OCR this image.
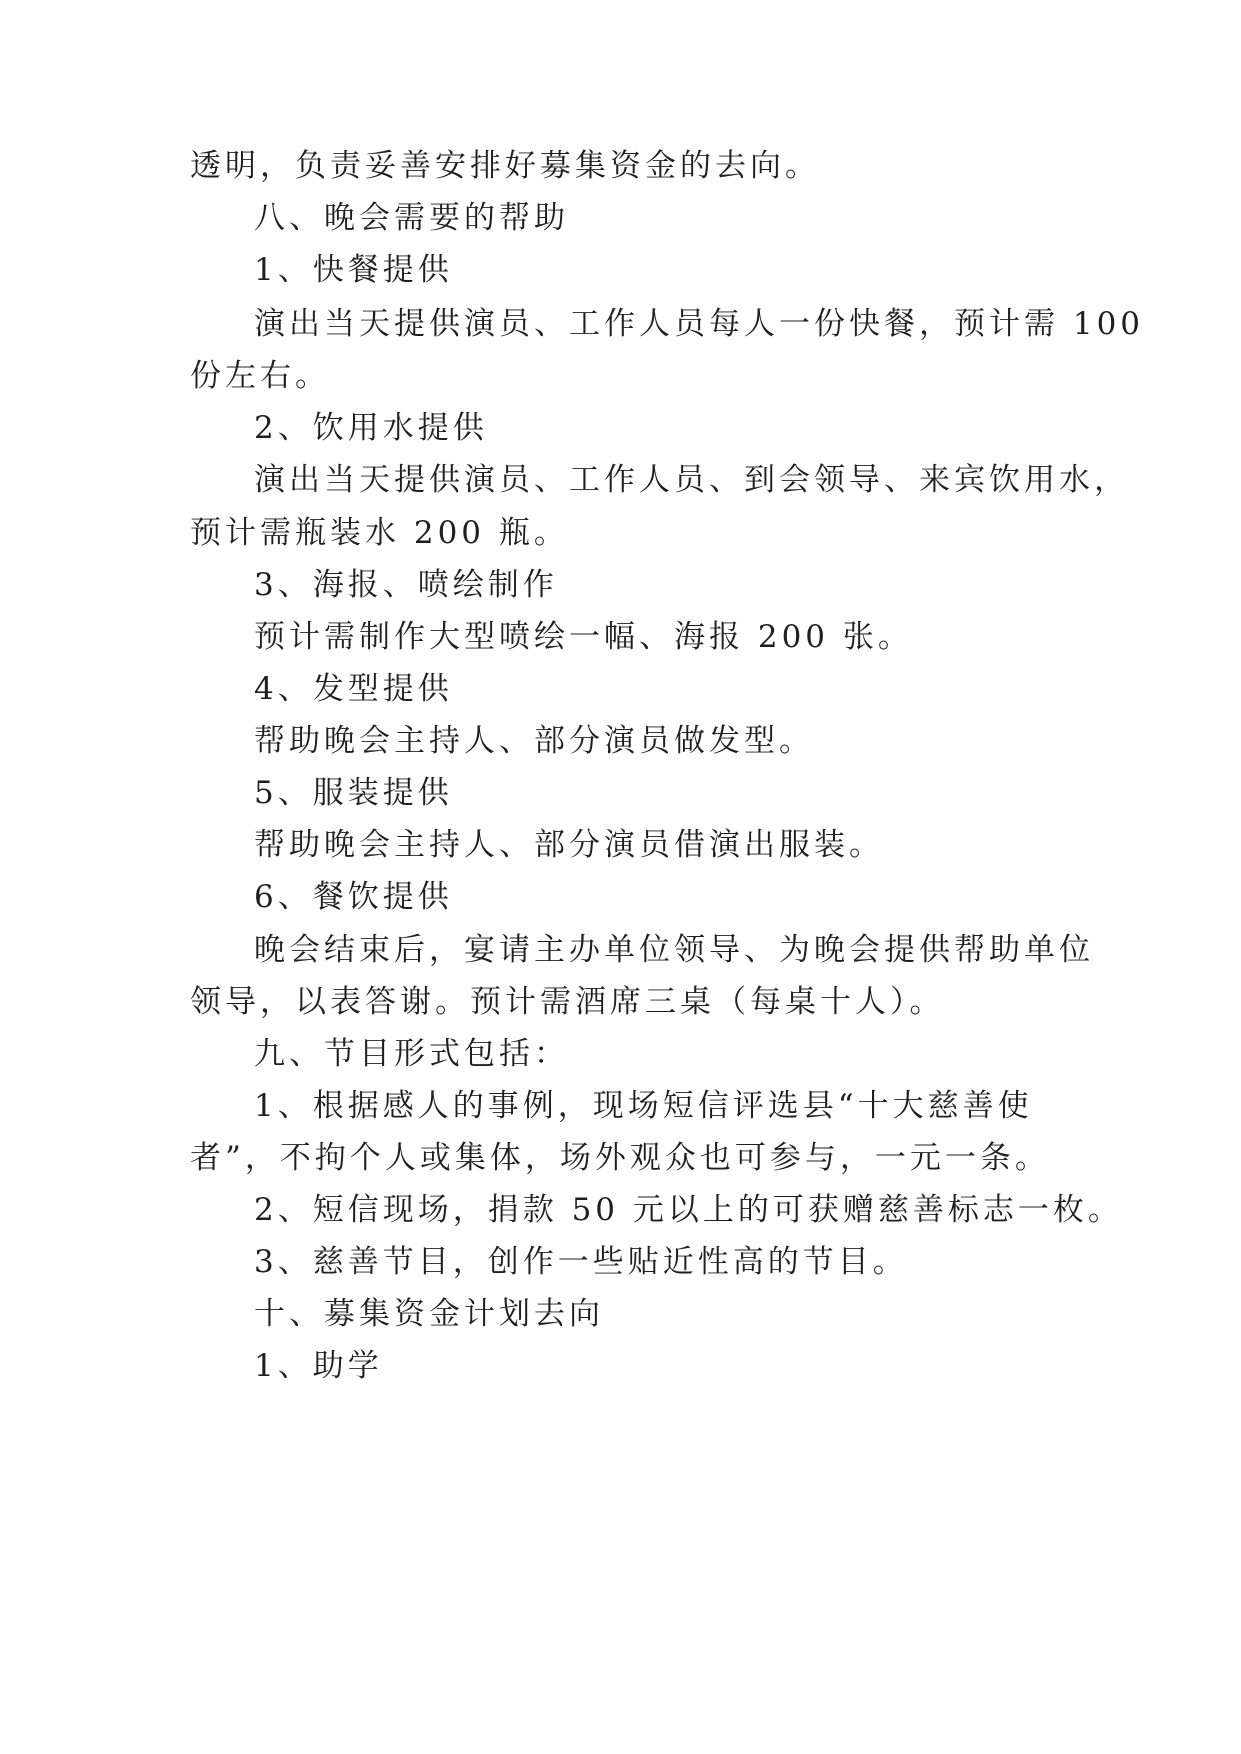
透明，负责妥善安排好募集资金的去向。

八、晚会需要的帮助

1、快餐提供

演出当天提供演员、工作人员每人一份快餐，预计需 100

份左右。

2、饮用水提供

演出当天提供演员、工作人员、到会领导、来宾饮用水，

预计需瓶装水 200 瓶。

3、海报、喷绘制作

预计需制作大型喷绘一幅、海报 200 张。

4、发型提供

帮助晚会主持人、部分演员做发型。

5、服装提供

帮助晚会主持人、部分演员借演出服装。

6、餐饮提供

晚会结束后，宴请主办单位领导、为晚会提供帮助单位

领导，以表答谢。预计需酒席三桌（每桌十人）。

九、节目形式包括：

1、根据感人的事例，现场短信评选县“十大慈善使

者”，不拘个人或集体，场外观众也可参与，一元一条。

2、短信现场，捐款 50 元以上的可获赠慈善标志一枚。

3、慈善节目，创作一些贴近性高的节目。

十、募集资金计划去向

1、助学
